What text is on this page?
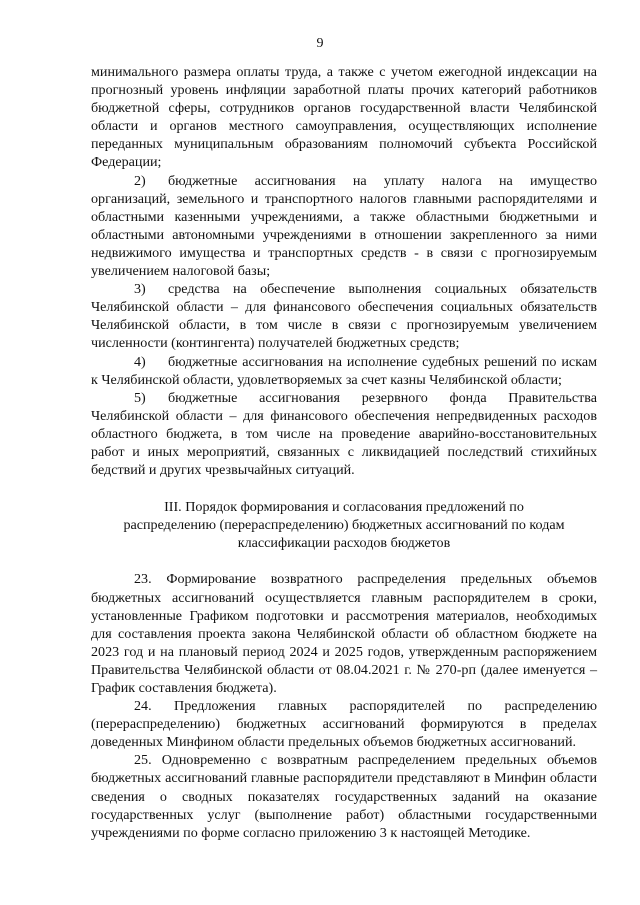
9

минимального размера оплаты труда, а также с учетом ежегодной индексации на прогнозный уровень инфляции заработной платы прочих категорий работников бюджетной сферы, сотрудников органов государственной власти Челябинской области и органов местного самоуправления, осуществляющих исполнение переданных муниципальным образованиям полномочий субъекта Российской Федерации;

2) бюджетные ассигнования на уплату налога на имущество организаций, земельного и транспортного налогов главными распорядителями и областными казенными учреждениями, а также областными бюджетными и областными автономными учреждениями в отношении закрепленного за ними недвижимого имущества и транспортных средств - в связи с прогнозируемым увеличением налоговой базы;

3) средства на обеспечение выполнения социальных обязательств Челябинской области – для финансового обеспечения социальных обязательств Челябинской области, в том числе в связи с прогнозируемым увеличением численности (контингента) получателей бюджетных средств;

4) бюджетные ассигнования на исполнение судебных решений по искам к Челябинской области, удовлетворяемых за счет казны Челябинской области;

5) бюджетные ассигнования резервного фонда Правительства Челябинской области – для финансового обеспечения непредвиденных расходов областного бюджета, в том числе на проведение аварийно-восстановительных работ и иных мероприятий, связанных с ликвидацией последствий стихийных бедствий и других чрезвычайных ситуаций.

III. Порядок формирования и согласования предложений по
распределению (перераспределению) бюджетных ассигнований по кодам
классификации расходов бюджетов

23. Формирование возвратного распределения предельных объемов бюджетных ассигнований осуществляется главным распорядителем в сроки, установленные Графиком подготовки и рассмотрения материалов, необходимых для составления проекта закона Челябинской области об областном бюджете на 2023 год и на плановый период 2024 и 2025 годов, утвержденным распоряжением Правительства Челябинской области от 08.04.2021 г. № 270-рп (далее именуется – График составления бюджета).

24. Предложения главных распорядителей по распределению (перераспределению) бюджетных ассигнований формируются в пределах доведенных Минфином области предельных объемов бюджетных ассигнований.

25. Одновременно с возвратным распределением предельных объемов бюджетных ассигнований главные распорядители представляют в Минфин области сведения о сводных показателях государственных заданий на оказание государственных услуг (выполнение работ) областными государственными учреждениями по форме согласно приложению 3 к настоящей Методике.
